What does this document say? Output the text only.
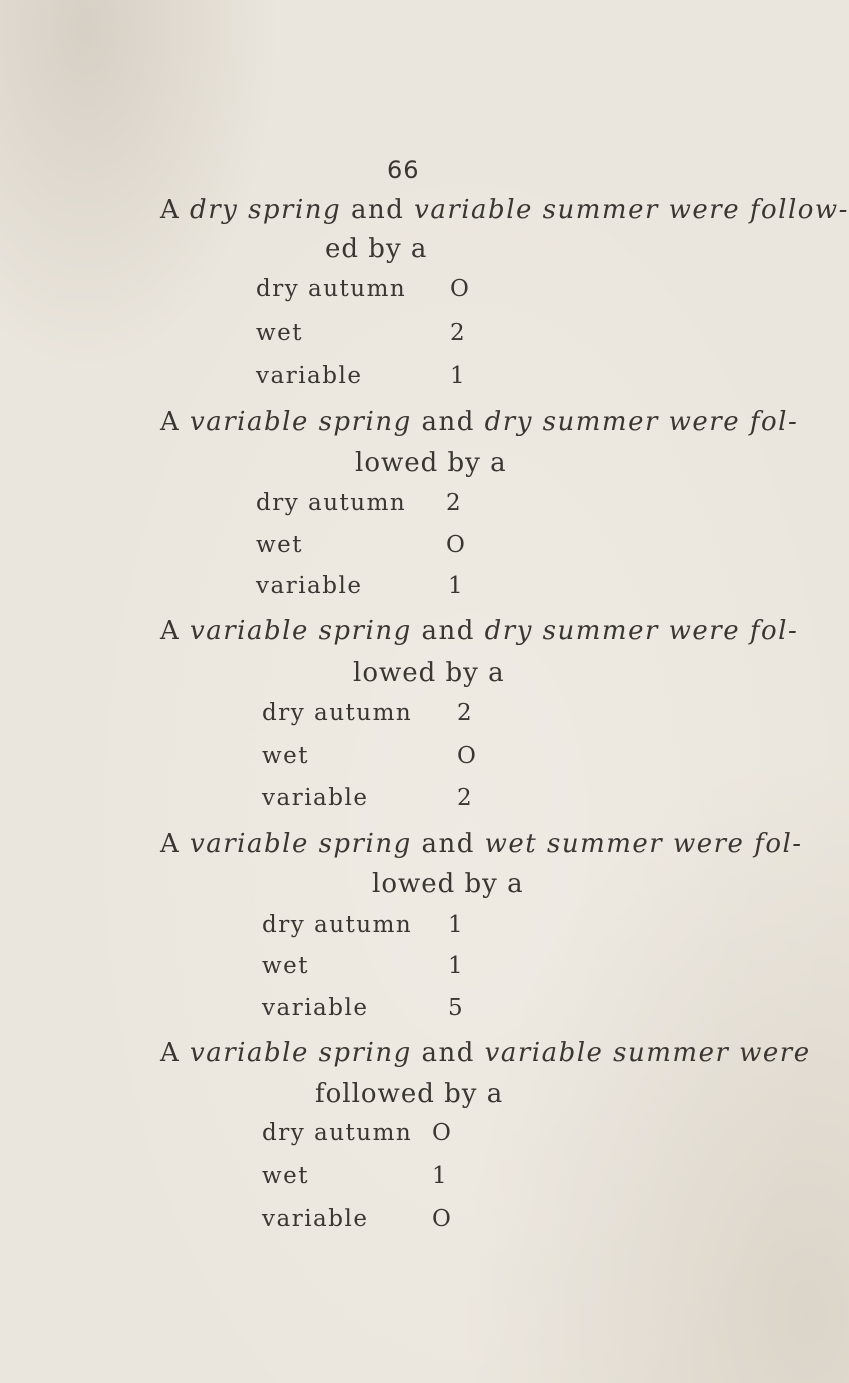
66
A dry spring and variable summer were follow-
ed by a
dry autumn O
wet	2
variable	1
A variable spring and dry summer were fol-
lowed by a
dry autumn 2
wet	O
variable	1
A variable spring and dry summer were fol-
lowed by a
dry autumn 2
wet	O
variable	2
A variable spring and wet summer were fol-
lowed by a
dry autumn 1
wet	1
variable	5
A variable spring and variable summer were
followed by a
dry autumn O
wet	1
variable	O
